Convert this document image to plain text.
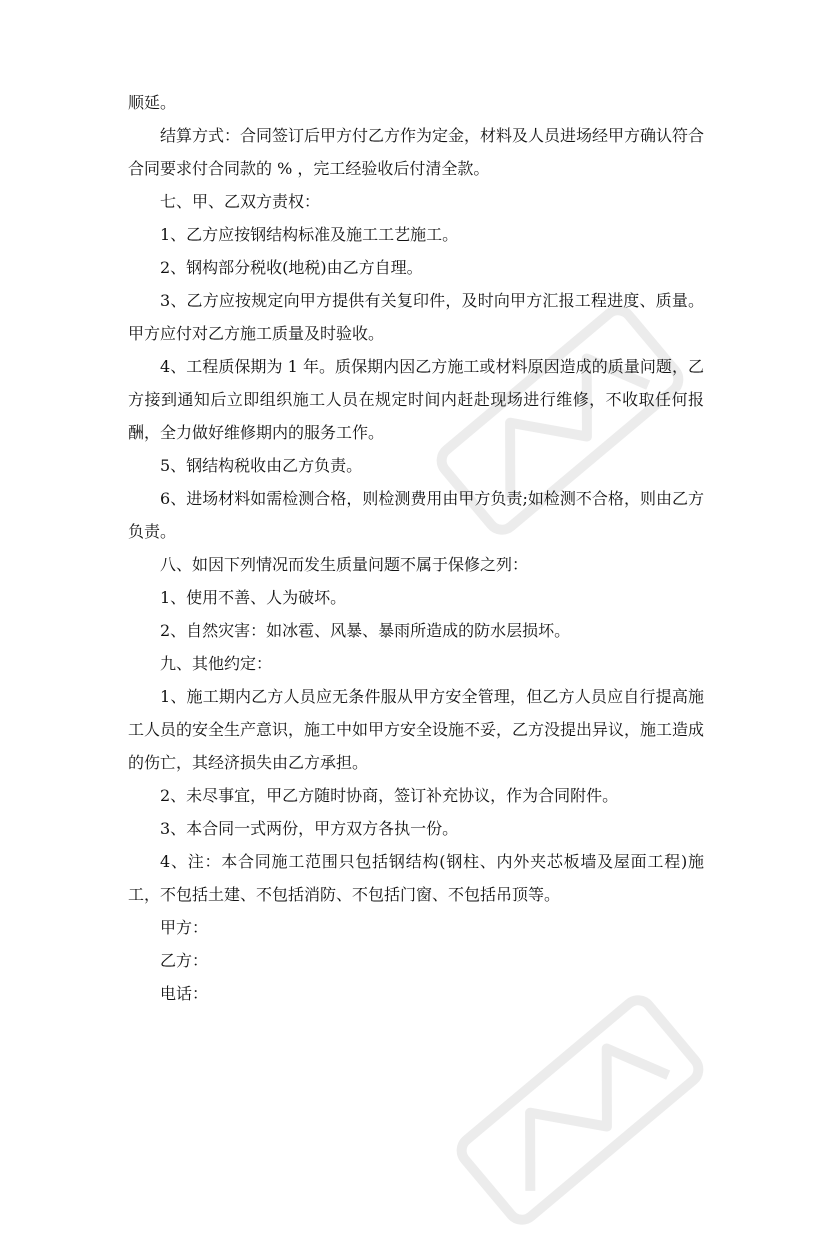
顺延。

结算方式：合同签订后甲方付乙方作为定金，材料及人员进场经甲方确认符合合同要求付合同款的 % ，完工经验收后付清全款。

七、甲、乙双方责权：

1、乙方应按钢结构标准及施工工艺施工。

2、钢构部分税收(地税)由乙方自理。

3、乙方应按规定向甲方提供有关复印件，及时向甲方汇报工程进度、质量。甲方应付对乙方施工质量及时验收。

4、工程质保期为 1 年。质保期内因乙方施工或材料原因造成的质量问题，乙方接到通知后立即组织施工人员在规定时间内赶赴现场进行维修，不收取任何报酬，全力做好维修期内的服务工作。

5、钢结构税收由乙方负责。

6、进场材料如需检测合格，则检测费用由甲方负责;如检测不合格，则由乙方负责。

八、如因下列情况而发生质量问题不属于保修之列：

1、使用不善、人为破坏。

2、自然灾害：如冰雹、风暴、暴雨所造成的防水层损坏。

九、其他约定：

1、施工期内乙方人员应无条件服从甲方安全管理，但乙方人员应自行提高施工人员的安全生产意识，施工中如甲方安全设施不妥，乙方没提出异议，施工造成的伤亡，其经济损失由乙方承担。

2、未尽事宜，甲乙方随时协商，签订补充协议，作为合同附件。

3、本合同一式两份，甲方双方各执一份。

4、注：本合同施工范围只包括钢结构(钢柱、内外夹芯板墙及屋面工程)施工，不包括土建、不包括消防、不包括门窗、不包括吊顶等。

甲方：

乙方：

电话：
